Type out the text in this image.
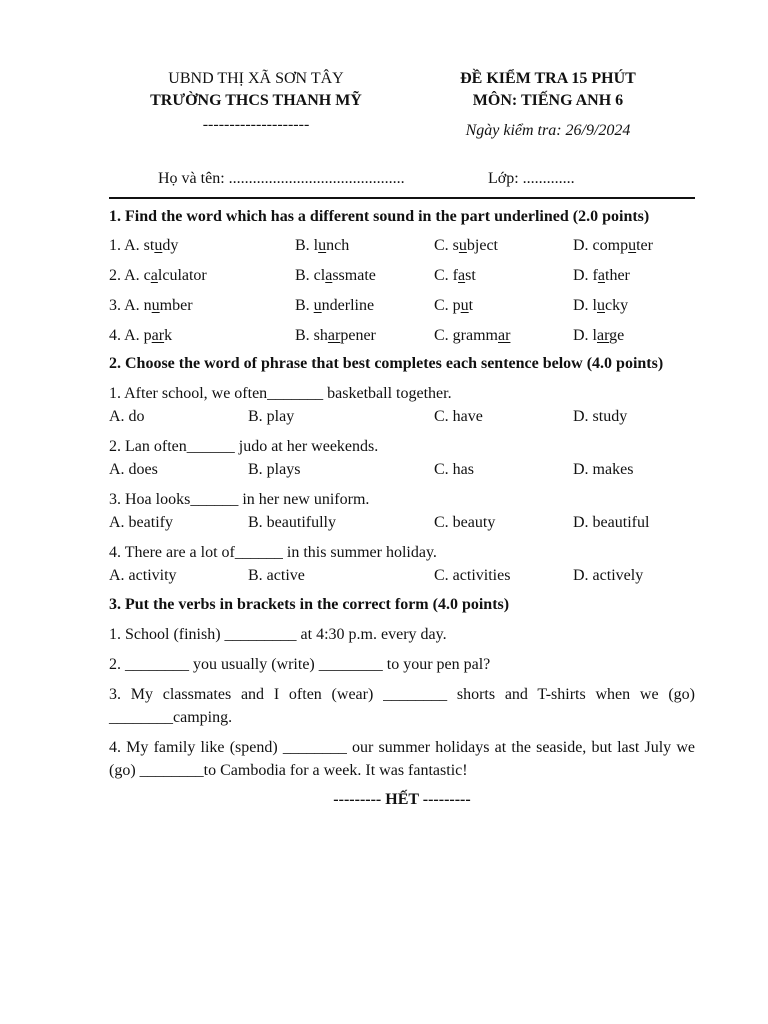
UBND THỊ XÃ SƠN TÂY
TRƯỜNG THCS THANH MỸ
--------------------
ĐỀ KIỂM TRA 15 PHÚT
MÔN: TIẾNG ANH 6
Ngày kiểm tra: 26/9/2024
Họ và tên: ............................................	Lớp: .............
1. Find the word which has a different sound in the part underlined (2.0 points)
1. A. study	B. lunch	C. subject	D. computer
2. A. calculator	B. classmate	C. fast	D. father
3. A. number	B. underline	C. put	D. lucky
4. A. park	B. sharpener	C. grammar	D. large
2. Choose the word of phrase that best completes each sentence below (4.0 points)
1. After school, we often_______ basketball together.
A. do	B. play	C. have	D. study
2. Lan often______ judo at her weekends.
A. does	B. plays	C. has	D. makes
3. Hoa looks______ in her new uniform.
A. beatify	B. beautifully	C. beauty	D. beautiful
4. There are a lot of______ in this summer holiday.
A. activity	B. active	C. activities	D. actively
3. Put the verbs in brackets in the correct form (4.0 points)
1. School (finish) _________ at 4:30 p.m. every day.
2. ________ you usually (write) ________ to your pen pal?
3. My classmates and I often (wear) ________ shorts and T-shirts when we (go) ________camping.
4. My family like (spend) ________ our summer holidays at the seaside, but last July we (go) ________to Cambodia for a week. It was fantastic!
--------- HẾT ---------
